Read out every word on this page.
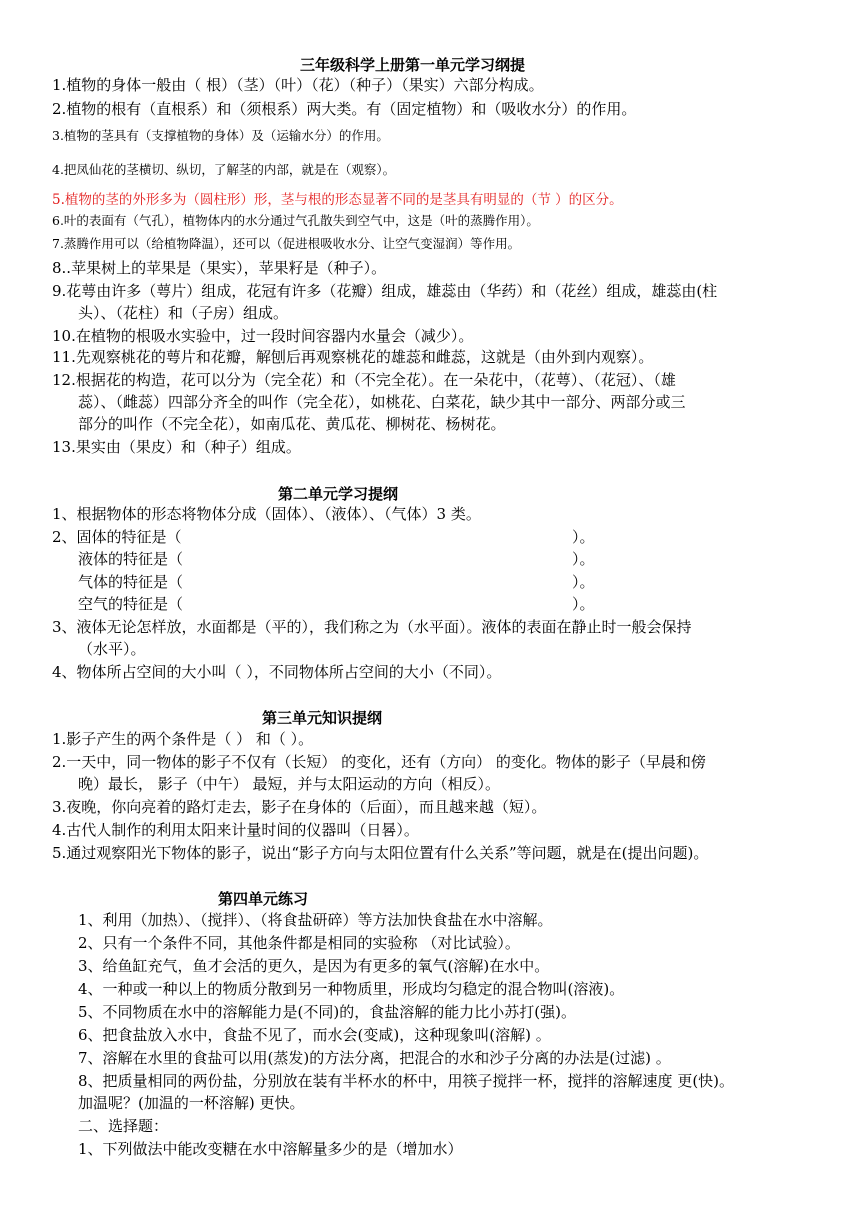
三年级科学上册第一单元学习纲提
1.植物的身体一般由（ 根）（茎）（叶）（花）（种子）（果实）六部分构成。
2.植物的根有（直根系）和（须根系）两大类。有（固定植物）和（吸收水分）的作用。
3.植物的茎具有（支撑植物的身体）及（运输水分）的作用。
4.把凤仙花的茎横切、纵切，了解茎的内部，就是在（观察）。
5.植物的茎的外形多为（圆柱形）形，茎与根的形态显著不同的是茎具有明显的（节 ）的区分。
6.叶的表面有（气孔），植物体内的水分通过气孔散失到空气中，这是（叶的蒸腾作用）。
7.蒸腾作用可以（给植物降温），还可以（促进根吸收水分、让空气变湿润）等作用。
8..苹果树上的苹果是（果实），苹果籽是（种子）。
9.花萼由许多（萼片）组成，花冠有许多（花瓣）组成，雄蕊由（华药）和（花丝）组成，雄蕊由(柱
头）、（花柱）和（子房）组成。
10.在植物的根吸水实验中，过一段时间容器内水量会（减少）。
11.先观察桃花的萼片和花瓣，解刨后再观察桃花的雄蕊和雌蕊，这就是（由外到内观察）。
12.根据花的构造，花可以分为（完全花）和（不完全花）。在一朵花中，（花萼）、（花冠）、（雄
蕊）、（雌蕊）四部分齐全的叫作（完全花），如桃花、白菜花，缺少其中一部分、两部分或三
部分的叫作（不完全花），如南瓜花、黄瓜花、柳树花、杨树花。
13.果实由（果皮）和（种子）组成。
第二单元学习提纲
1、根据物体的形态将物体分成（固体）、（液体）、（气体）3 类。
2、固体的特征是（	）。
液体的特征是（	）。
气体的特征是（	）。
空气的特征是（	）。
3、液体无论怎样放，水面都是（平的），我们称之为（水平面）。液体的表面在静止时一般会保持
（水平）。
4、物体所占空间的大小叫（ ），不同物体所占空间的大小（不同）。
第三单元知识提纲
1.影子产生的两个条件是（ ） 和（ ）。
2.一天中，同一物体的影子不仅有（长短） 的变化，还有（方向） 的变化。物体的影子（早晨和傍
晚）最长， 影子（中午） 最短，并与太阳运动的方向（相反）。
3.夜晚，你向亮着的路灯走去，影子在身体的（后面），而且越来越（短）。
4.古代人制作的利用太阳来计量时间的仪器叫（日晷）。
5.通过观察阳光下物体的影子，说出“影子方向与太阳位置有什么关系”等问题，就是在(提出问题)。
第四单元练习
1、利用（加热）、（搅拌）、（将食盐研碎）等方法加快食盐在水中溶解。
2、只有一个条件不同，其他条件都是相同的实验称 （对比试验）。
3、给鱼缸充气，鱼才会活的更久，是因为有更多的氧气(溶解)在水中。
4、一种或一种以上的物质分散到另一种物质里，形成均匀稳定的混合物叫(溶液)。
5、不同物质在水中的溶解能力是(不同)的，食盐溶解的能力比小苏打(强)。
6、把食盐放入水中，食盐不见了，而水会(变咸)，这种现象叫(溶解) 。
7、溶解在水里的食盐可以用(蒸发)的方法分离，把混合的水和沙子分离的办法是(过滤) 。
8、把质量相同的两份盐，分别放在装有半杯水的杯中，用筷子搅拌一杯，搅拌的溶解速度 更(快)。
加温呢？(加温的一杯溶解) 更快。
二、选择题：
1、下列做法中能改变糖在水中溶解量多少的是（增加水）
